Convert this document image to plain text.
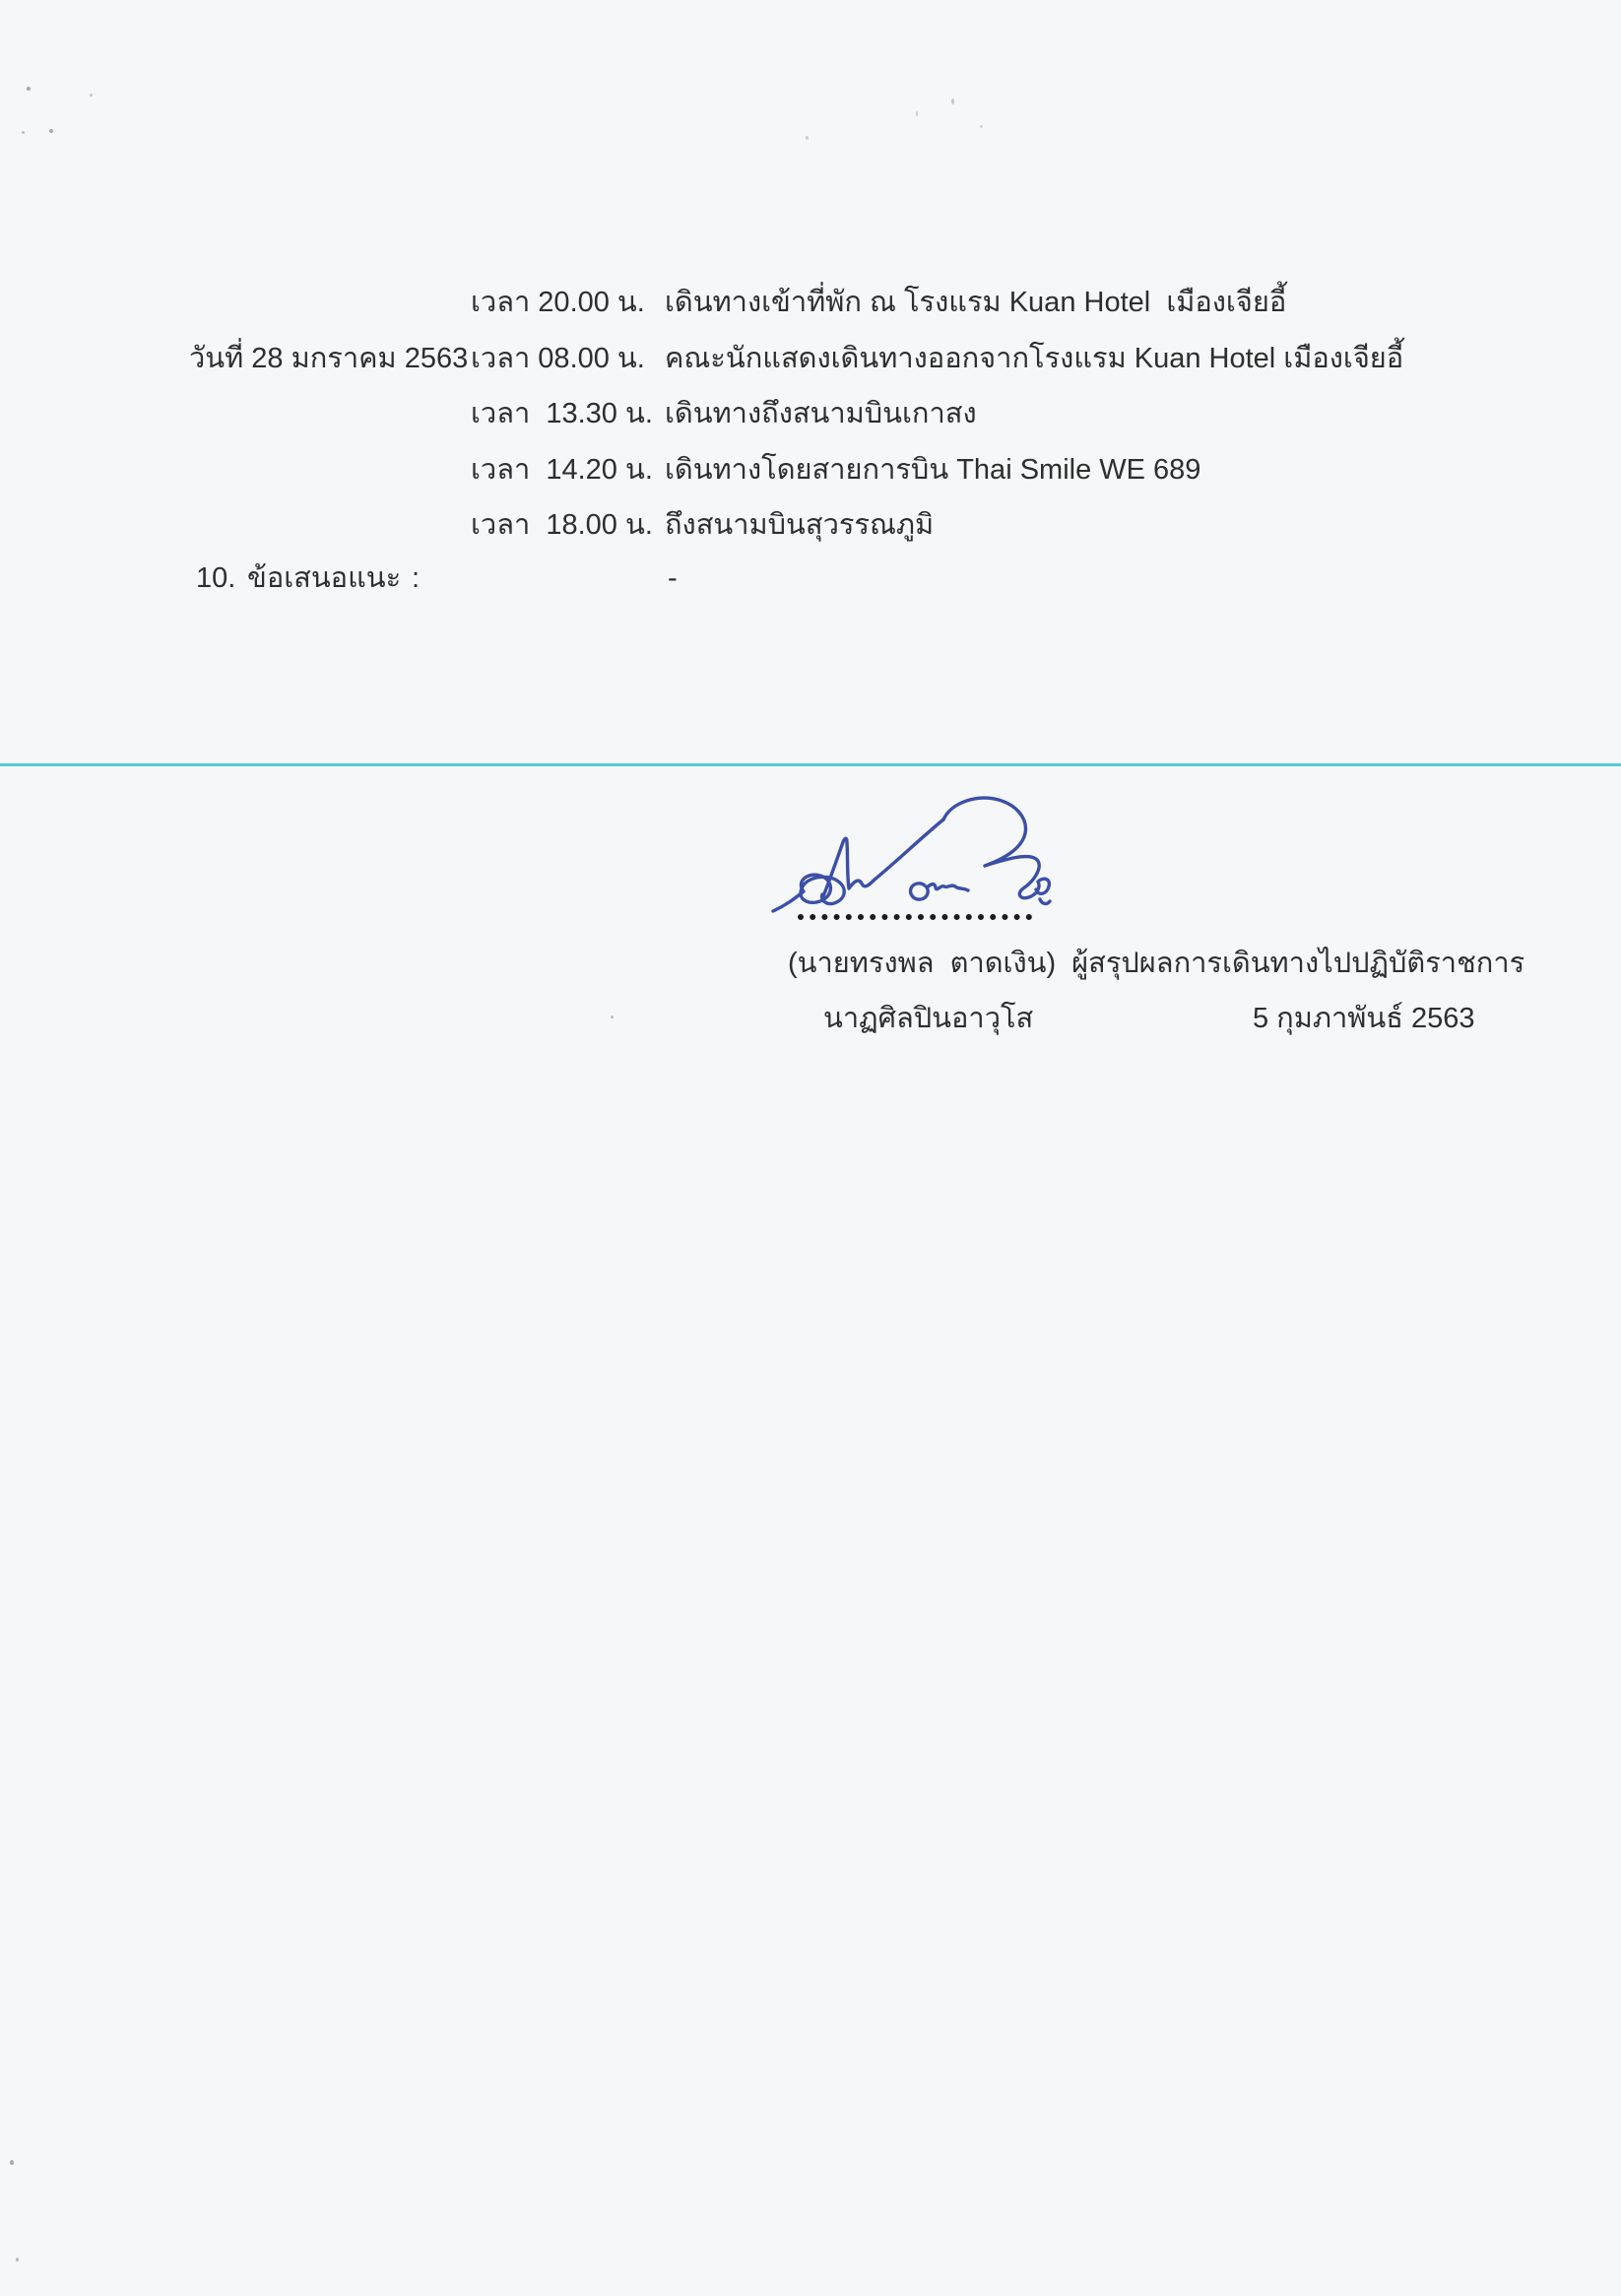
เวลา 20.00 น. เดินทางเข้าที่พัก ณ โรงแรม Kuan Hotel  เมืองเจียอี้
วันที่ 28 มกราคม 2563 เวลา 08.00 น. คณะนักแสดงเดินทางออกจากโรงแรม Kuan Hotel เมืองเจียอี้
เวลา  13.30 น. เดินทางถึงสนามบินเกาสง
เวลา  14.20 น. เดินทางโดยสายการบิน Thai Smile WE 689
เวลา  18.00 น. ถึงสนามบินสุวรรณภูมิ
10. ข้อเสนอแนะ :	-
(นายทรงพล  ตาดเงิน) ผู้สรุปผลการเดินทางไปปฏิบัติราชการ
นาฏศิลปินอาวุโส	5 กุมภาพันธ์ 2563
